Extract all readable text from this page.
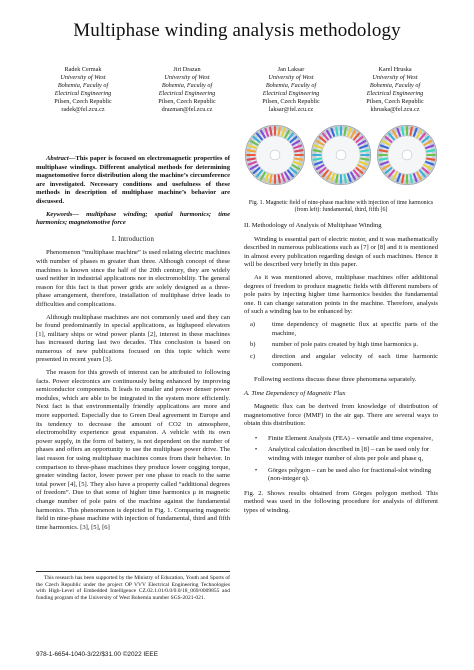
Multiphase winding analysis methodology
Radek Cermak
University of West
Bohemia, Faculty of
Electrical Engineering
Pilsen, Czech Republic
radek@fel.zcu.cz
Jiri Drazan
University of West
Bohemia, Faculty of
Electrical Engineering
Pilsen, Czech Republic
drazman@fel.zcu.cz
Jan Laksar
University of West
Bohemia, Faculty of
Electrical Engineering
Pilsen, Czech Republic
laksar@fel.zcu.cz
Karel Hruska
University of West
Bohemia, Faculty of
Electrical Engineering
Pilsen, Czech Republic
khruska@fel.zcu.cz

Abstract—This paper is focused on electromagnetic properties of multiphase windings. Different analytical methods for determining magnetomotive force distribution along the machine’s circumference are investigated. Necessary conditions and usefulness of these methods in description of multiphase machine’s behavior are discussed.

Keywords— multiphase winding; spatial harmonics; time harmonics; magnetomotive force

I. Introduction

Phenomenon “multiphase machine” is used relating electric machines with number of phases m greater than three. Although concept of these machines is known since the half of the 20th century, they are widely used neither in industrial applications nor in electromobility. The general reason for this fact is that power grids are solely designed as a three-phase arrangement, therefore, installation of multiphase drive leads to difficulties and complications.

Although multiphase machines are not commonly used and they can be found predominantly in special applications, as highspeed elevators [1], military ships or wind power plants [2], interest in these machines has increased during last two decades. This conclusion is based on numerous of new publications focused on this topic which were presented in recent years [3].

The reason for this growth of interest can be attributed to following facts. Power electronics are continuously being enhanced by improving semiconductor components. It leads to smaller and power denser power modules, which are able to be integrated in the system more efficiently. Next fact is that environmentally friendly applications are more and more supported. Especially due to Green Deal agreement in Europe and its tendency to decrease the amount of CO2 in atmosphere, electromobility experience great expansion. A vehicle with its own power supply, in the form of battery, is not dependent on the number of phases and offers an opportunity to use the multiphase power drive. The last reason for using multiphase machines comes from their behavior. In comparison to three-phase machines they produce lower cogging torque, greater winding factor, lower power per one phase to reach to the same total power [4], [5]. They also have a property called “additional degrees of freedom”. Due to that some of higher time harmonics μ in magnetic change number of pole pairs of the machine against the fundamental harmonics. This phenomenon is depicted in Fig. 1. Comparing magnetic field in nine-phase machine with injection of fundamental, third and fifth time harmonics. [3], [5], [6]

Fig. 1. Magnetic field of nine-phase machine with injection of time harmonics (from left): fundamental, third, fifth [6]
II. Methodology of Analysis of Multiphase Winding

Winding is essential part of electric motor, and it was mathematically described in numerous publications such as [7] or [8] and it is mentioned in almost every publication regarding design of such machines. Hence it will be described very briefly in this paper.

As it was mentioned above, multiphase machines offer additional degrees of freedom to produce magnetic fields with different numbers of pole pairs by injecting higher time harmonics besides the fundamental one. It can change saturation points in the machine. Therefore, analysis of such a winding has to be enhanced by:

a)	time dependency of magnetic flux at specific parts of the machine,
b)	number of pole pairs created by high time harmonics μ.
c)	direction and angular velocity of each time harmonic component.

Following sections discuss these three phenomena separately.

A. Time Dependency of Magnetic Flux

Magnetic flux can be derived from knowledge of distribution of magnetomotive force (MMF) in the air gap. There are several ways to obtain this distribution:

•	Finite Element Analysis (FEA) – versatile and time expensive,
•	Analytical calculation described in [8] – can be used only for winding with integer number of slots per pole and phase q,
•	Görges polygon – can be used also for fractional-slot winding (non-integer q).

Fig. 2. Shows results obtained from Görges polygon method. This method was used in the following procedure for analysis of different types of winding.

This research has been supported by the Ministry of Education, Youth and Sports of the Czech Republic under the project OP VVV Electrical Engineering Technologies with High-Level of Embedded Intelligence CZ.02.1.01/0.0/0.0/18_069/0009855 and funding program of the University of West Bohemia number SGS-2021-021.
978-1-6654-1040-3/22/$31.00 ©2022 IEEE
